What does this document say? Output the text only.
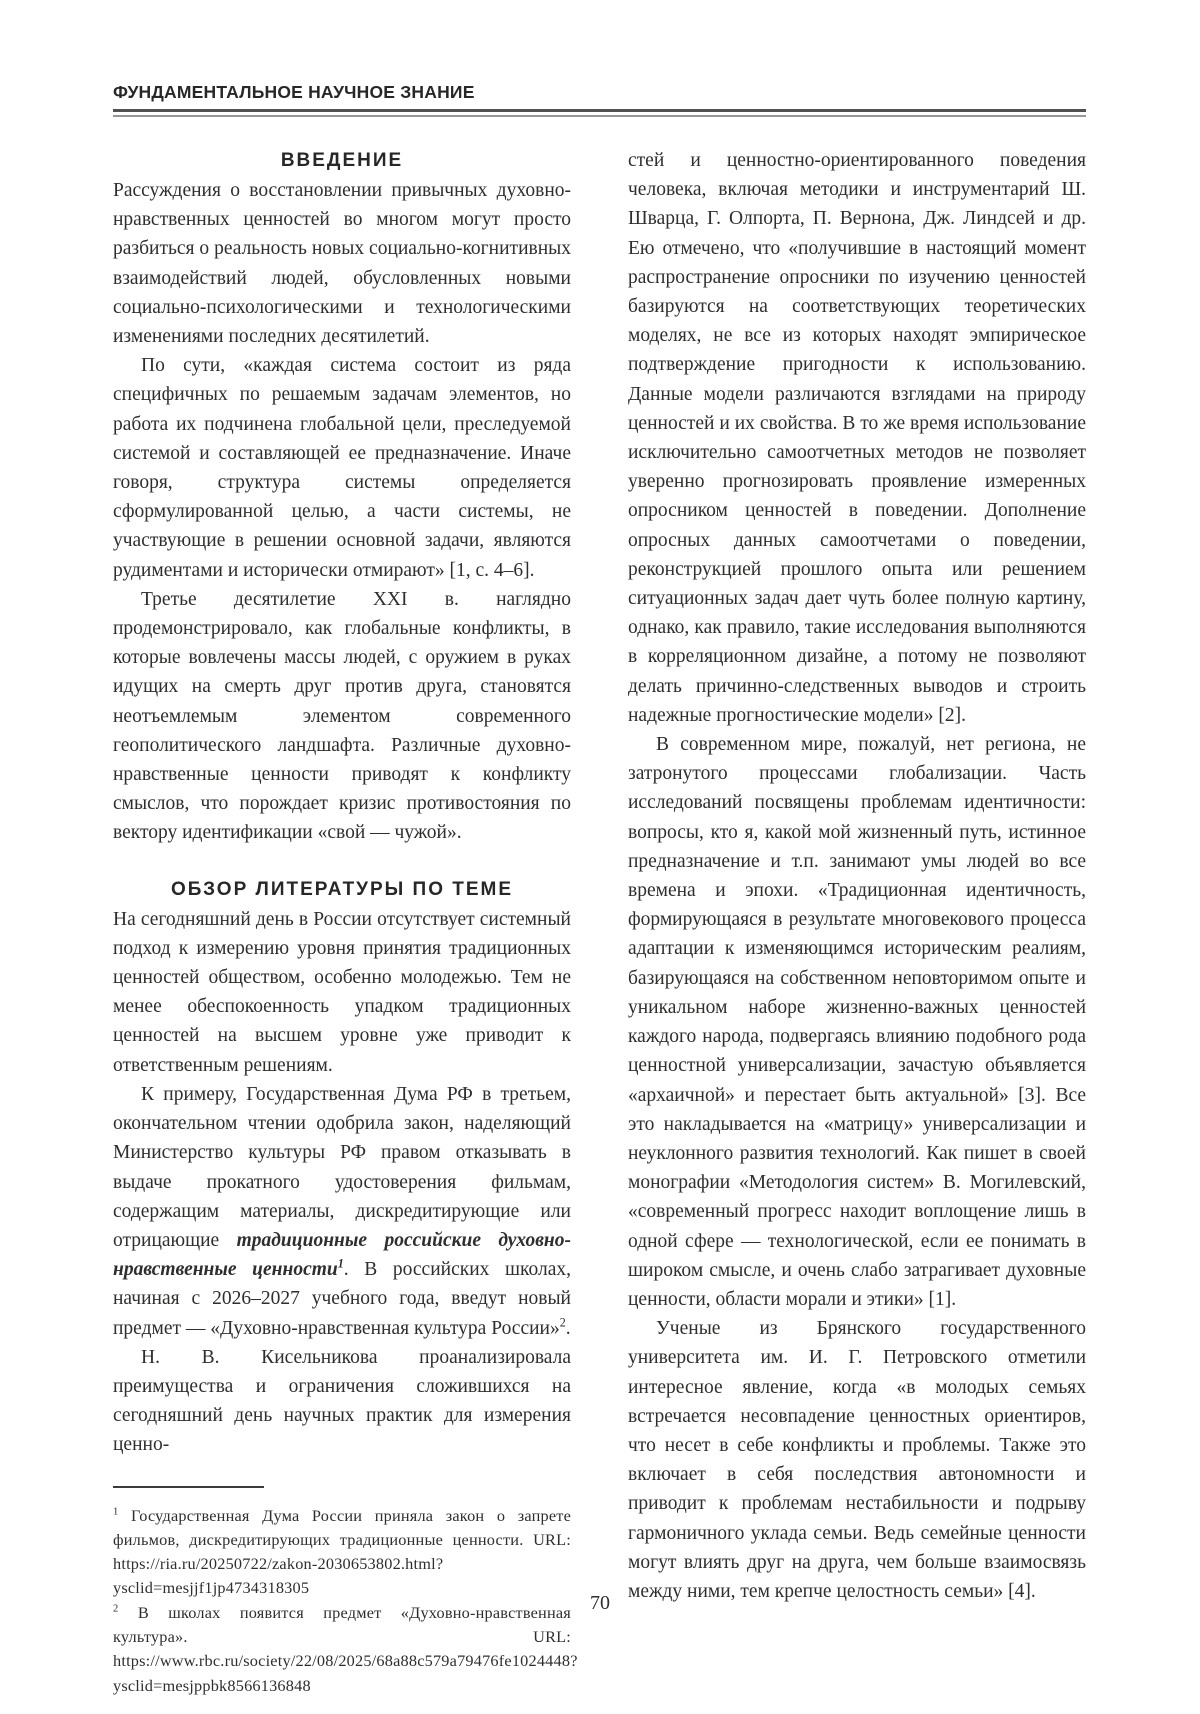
ФУНДАМЕНТАЛЬНОЕ НАУЧНОЕ ЗНАНИЕ
ВВЕДЕНИЕ

Рассуждения о восстановлении привычных духовно-нравственных ценностей во многом могут просто разбиться о реальность новых социально-когнитивных взаимодействий людей, обусловленных новыми социально-психологическими и технологическими изменениями последних десятилетий.

По сути, «каждая система состоит из ряда специфичных по решаемым задачам элементов, но работа их подчинена глобальной цели, преследуемой системой и составляющей ее предназначение. Иначе говоря, структура системы определяется сформулированной целью, а части системы, не участвующие в решении основной задачи, являются рудиментами и исторически отмирают» [1, с. 4–6].

Третье десятилетие XXI в. наглядно продемонстрировало, как глобальные конфликты, в которые вовлечены массы людей, с оружием в руках идущих на смерть друг против друга, становятся неотъемлемым элементом современного геополитического ландшафта. Различные духовно-нравственные ценности приводят к конфликту смыслов, что порождает кризис противостояния по вектору идентификации «свой — чужой».

ОБЗОР ЛИТЕРАТУРЫ ПО ТЕМЕ

На сегодняшний день в России отсутствует системный подход к измерению уровня принятия традиционных ценностей обществом, особенно молодежью. Тем не менее обеспокоенность упадком традиционных ценностей на высшем уровне уже приводит к ответственным решениям.

К примеру, Государственная Дума РФ в третьем, окончательном чтении одобрила закон, наделяющий Министерство культуры РФ правом отказывать в выдаче прокатного удостоверения фильмам, содержащим материалы, дискредитирующие или отрицающие традиционные российские духовно-нравственные ценности$^1$. В российских школах, начиная с 2026–2027 учебного года, введут новый предмет — «Духовно-нравственная культура России»$^2$.

Н. В. Кисельникова проанализировала преимущества и ограничения сложившихся на сегодняшний день научных практик для измерения ценно-

$^1$ Государственная Дума России приняла закон о запрете фильмов, дискредитирующих традиционные ценности. URL: https://ria.ru/20250722/zakon-2030653802.html?ysclid=mesjjf1jp4734318305

$^2$ В школах появится предмет «Духовно-нравственная культура». URL: https://www.rbc.ru/society/22/08/2025/68a88c579a79476fe1024448?ysclid=mesjppbk8566136848

стей и ценностно-ориентированного поведения человека, включая методики и инструментарий Ш. Шварца, Г. Олпорта, П. Вернона, Дж. Линдсей и др. Ею отмечено, что «получившие в настоящий момент распространение опросники по изучению ценностей базируются на соответствующих теоретических моделях, не все из которых находят эмпирическое подтверждение пригодности к использованию. Данные модели различаются взглядами на природу ценностей и их свойства. В то же время использование исключительно самоотчетных методов не позволяет уверенно прогнозировать проявление измеренных опросником ценностей в поведении. Дополнение опросных данных самоотчетами о поведении, реконструкцией прошлого опыта или решением ситуационных задач дает чуть более полную картину, однако, как правило, такие исследования выполняются в корреляционном дизайне, а потому не позволяют делать причинно-следственных выводов и строить надежные прогностические модели» [2].

В современном мире, пожалуй, нет региона, не затронутого процессами глобализации. Часть исследований посвящены проблемам идентичности: вопросы, кто я, какой мой жизненный путь, истинное предназначение и т.п. занимают умы людей во все времена и эпохи. «Традиционная идентичность, формирующаяся в результате многовекового процесса адаптации к изменяющимся историческим реалиям, базирующаяся на собственном неповторимом опыте и уникальном наборе жизненно-важных ценностей каждого народа, подвергаясь влиянию подобного рода ценностной универсализации, зачастую объявляется «архаичной» и перестает быть актуальной» [3]. Все это накладывается на «матрицу» универсализации и неуклонного развития технологий. Как пишет в своей монографии «Методология систем» В. Могилевский, «современный прогресс находит воплощение лишь в одной сфере — технологической, если ее понимать в широком смысле, и очень слабо затрагивает духовные ценности, области морали и этики» [1].

Ученые из Брянского государственного университета им. И. Г. Петровского отметили интересное явление, когда «в молодых семьях встречается несовпадение ценностных ориентиров, что несет в себе конфликты и проблемы. Также это включает в себя последствия автономности и приводит к проблемам нестабильности и подрыву гармоничного уклада семьи. Ведь семейные ценности могут влиять друг на друга, чем больше взаимосвязь между ними, тем крепче целостность семьи» [4].

70
